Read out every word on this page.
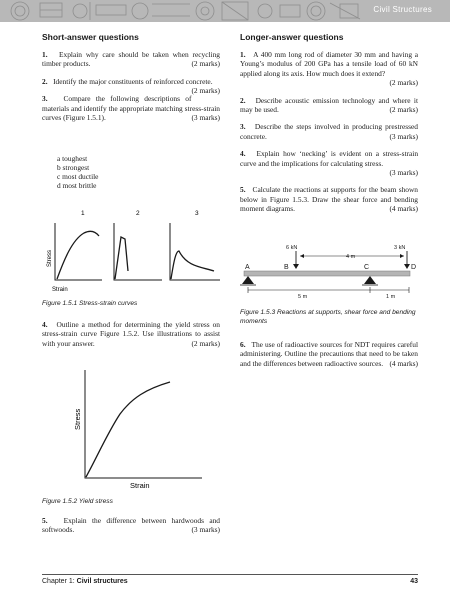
Civil Structures
Short-answer questions
1. Explain why care should be taken when recycling timber products.	(2 marks)
2. Identify the major constituents of reinforced concrete.
(2 marks)
3. Compare the following descriptions of materials and identify the appropriate matching stress-strain curves (Figure 1.5.1).	(3 marks)
a toughest
b strongest
c most ductile
d most brittle
1	2	3
Stress
Strain
Figure 1.5.1 Stress-strain curves
4. Outline a method for determining the yield stress on stress-strain curve Figure 1.5.2. Use illustrations to assist with your answer.	(2 marks)
Stress
Strain
Figure 1.5.2 Yield stress
5. Explain the difference between hardwoods and softwoods.	(3 marks)
Longer-answer questions
1. A 400 mm long rod of diameter 30 mm and having a Young’s modulus of 200 GPa has a tensile load of 60 kN applied along its axis. How much does it extend?
(2 marks)
2. Describe acoustic emission technology and where it may be used.	(2 marks)
3. Describe the steps involved in producing prestressed concrete.	(3 marks)
4. Explain how ‘necking’ is evident on a stress-strain curve and the implications for calculating stress.
(3 marks)
5. Calculate the reactions at supports for the beam shown below in Figure 1.5.3. Draw the shear force and bending moment diagrams.	(4 marks)
6 kN	3 kN
4 m
A	B	C	D
5 m	1 m
Figure 1.5.3 Reactions at supports, shear force and bending moments
6. The use of radioactive sources for NDT requires careful administering. Outline the precautions that need to be taken and the differences between radioactive sources. (4 marks)
Chapter 1: Civil structures	43
